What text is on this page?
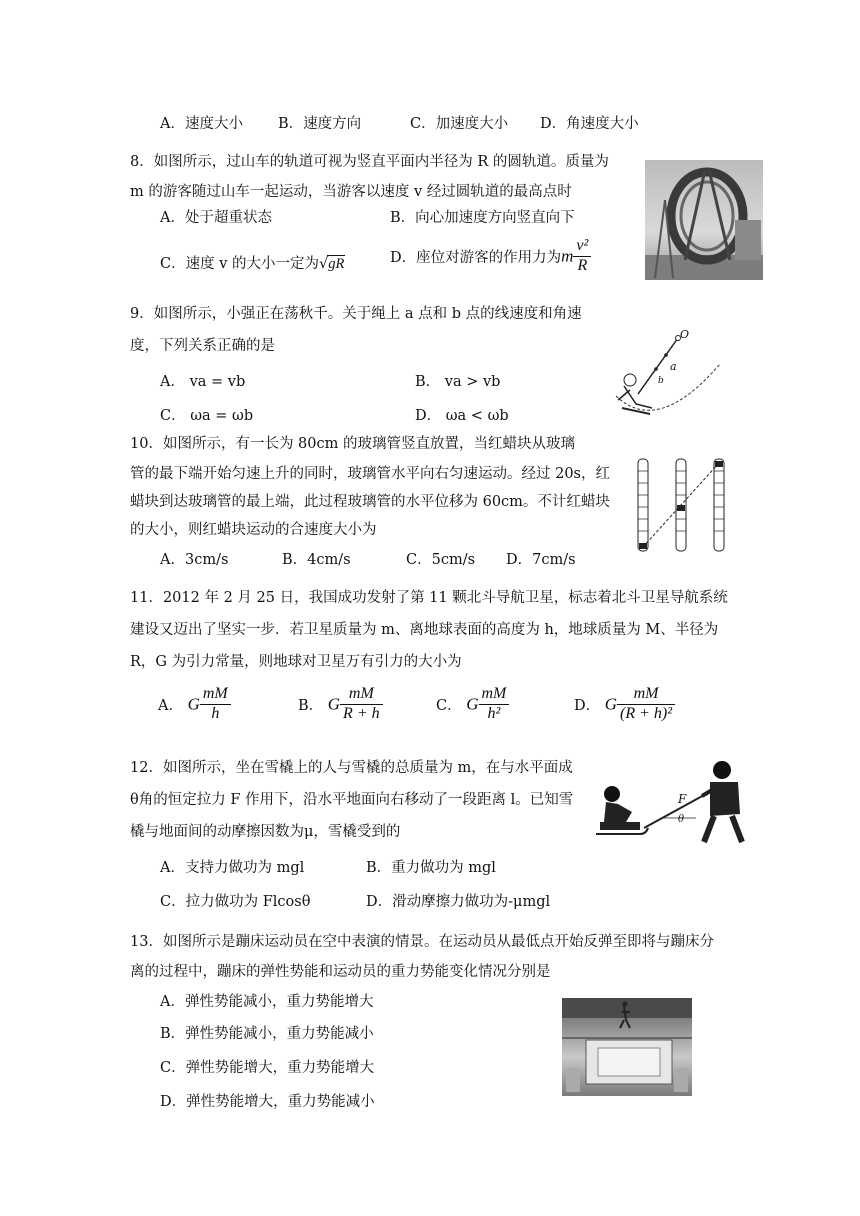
A．速度大小 B．速度方向	C．加速度大小 D．角速度大小
8．如图所示，过山车的轨道可视为竖直平面内半径为 R 的圆轨道。质量为
m 的游客随过山车一起运动，当游客以速度 v 经过圆轨道的最高点时
A．处于超重状态	B．向心加速度方向竖直向下
C．速度 v 的大小一定为√gR	D．座位对游客的作用力为m $\frac{\text{v²}}{R}$
9．如图所示，小强正在荡秋千。关于绳上 a 点和 b 点的线速度和角速
度，下列关系正确的是
A． va = vb	B． va > vb
C． ωa = ωb	D． ωa < ωb
O
a
b
10．如图所示，有一长为 80cm 的玻璃管竖直放置，当红蜡块从玻璃
管的最下端开始匀速上升的同时，玻璃管水平向右匀速运动。经过 20s，红
蜡块到达玻璃管的最上端，此过程玻璃管的水平位移为 60cm。不计红蜡块
的大小，则红蜡块运动的合速度大小为
A．3cm/s	B．4cm/s	C．5cm/s D．7cm/s
11．2012 年 2 月 25 日，我国成功发射了第 11 颗北斗导航卫星，标志着北斗卫星导航系统
建设又迈出了坚实一步．若卫星质量为 m、离地球表面的高度为 h，地球质量为 M、半径为
R，G 为引力常量，则地球对卫星万有引力的大小为
A． G $\frac{mM}{h}$	B． G $\frac{mM}{R + h}$	C． G $\frac{mM}{\text{h²}}$	D． G $\frac{mM}{\text{(R + h)²}}$
12．如图所示，坐在雪橇上的人与雪橇的总质量为 m，在与水平面成
θ角的恒定拉力 F 作用下，沿水平地面向右移动了一段距离 l。已知雪
橇与地面间的动摩擦因数为μ，雪橇受到的
A．支持力做功为 mgl	B．重力做功为 mgl
C．拉力做功为 Flcosθ	D．滑动摩擦力做功为-μmgl
F
θ
13．如图所示是蹦床运动员在空中表演的情景。在运动员从最低点开始反弹至即将与蹦床分
离的过程中，蹦床的弹性势能和运动员的重力势能变化情况分别是
A．弹性势能减小，重力势能增大
B．弹性势能减小，重力势能减小
C．弹性势能增大，重力势能增大
D．弹性势能增大，重力势能减小
